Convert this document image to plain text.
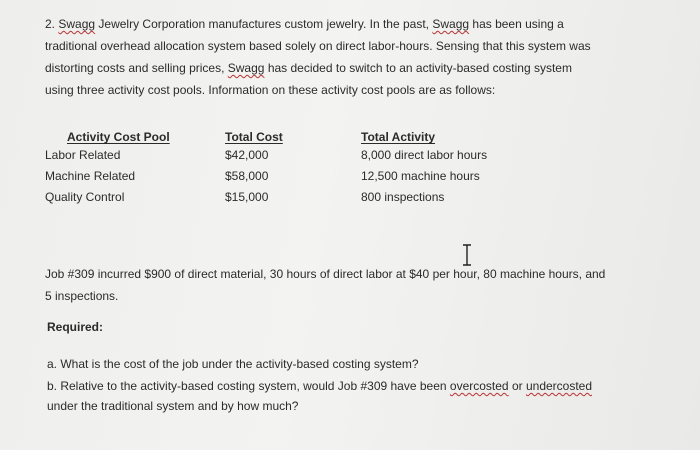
2. Swagg Jewelry Corporation manufactures custom jewelry. In the past, Swagg has been using a
traditional overhead allocation system based solely on direct labor-hours. Sensing that this system was
distorting costs and selling prices, Swagg has decided to switch to an activity-based costing system
using three activity cost pools. Information on these activity cost pools are as follows:
Activity Cost Pool	Total Cost	Total Activity
Labor Related	$42,000	8,000 direct labor hours
Machine Related	$58,000	12,500 machine hours
Quality Control	$15,000	800 inspections
Job #309 incurred $900 of direct material, 30 hours of direct labor at $40 per hour, 80 machine hours, and
5 inspections.
Required:
a. What is the cost of the job under the activity-based costing system?
b. Relative to the activity-based costing system, would Job #309 have been overcosted or undercosted
under the traditional system and by how much?
